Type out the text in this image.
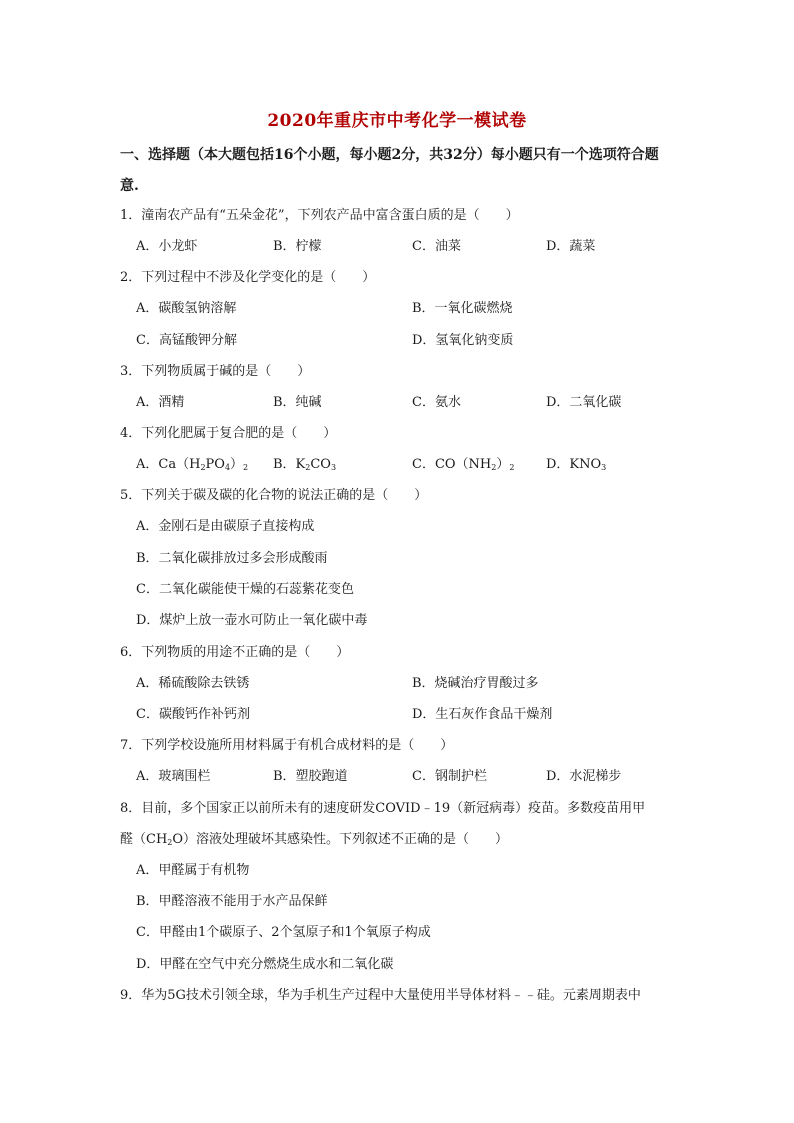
2020年重庆市中考化学一模试卷
一、选择题（本大题包括16个小题，每小题2分，共32分）每小题只有一个选项符合题
意.
1．潼南农产品有“五朵金花”，下列农产品中富含蛋白质的是（　　）
A．小龙虾	B．柠檬	C．油菜	D．蔬菜
2．下列过程中不涉及化学变化的是（　　）
A．碳酸氢钠溶解	B．一氧化碳燃烧
C．高锰酸钾分解	D．氢氧化钠变质
3．下列物质属于碱的是（　　）
A．酒精	B．纯碱	C．氨水	D．二氧化碳
4．下列化肥属于复合肥的是（　　）
A．$Ca(H_2PO_4)_2$ B．$K_2CO_3$	C．$CO(NH_2)_2$ D．$KNO_3$
5．下列关于碳及碳的化合物的说法正确的是（　　）
A．金刚石是由碳原子直接构成
B．二氧化碳排放过多会形成酸雨
C．二氧化碳能使干燥的石蕊紫花变色
D．煤炉上放一壶水可防止一氧化碳中毒
6．下列物质的用途不正确的是（　　）
A．稀硫酸除去铁锈	B．烧碱治疗胃酸过多
C．碳酸钙作补钙剂	D．生石灰作食品干燥剂
7．下列学校设施所用材料属于有机合成材料的是（　　）
A．玻璃围栏	B．塑胶跑道	C．钢制护栏	D．水泥梯步
8．目前，多个国家正以前所未有的速度研发COVID﹣19（新冠病毒）疫苗。多数疫苗用甲
醛$(CH_2O)$溶液处理破坏其感染性。下列叙述不正确的是（　　）
A．甲醛属于有机物
B．甲醛溶液不能用于水产品保鲜
C．甲醛由1个碳原子、2个氢原子和1个氧原子构成
D．甲醛在空气中充分燃烧生成水和二氧化碳
9．华为5G技术引领全球，华为手机生产过程中大量使用半导体材料﹣﹣硅。元素周期表中
